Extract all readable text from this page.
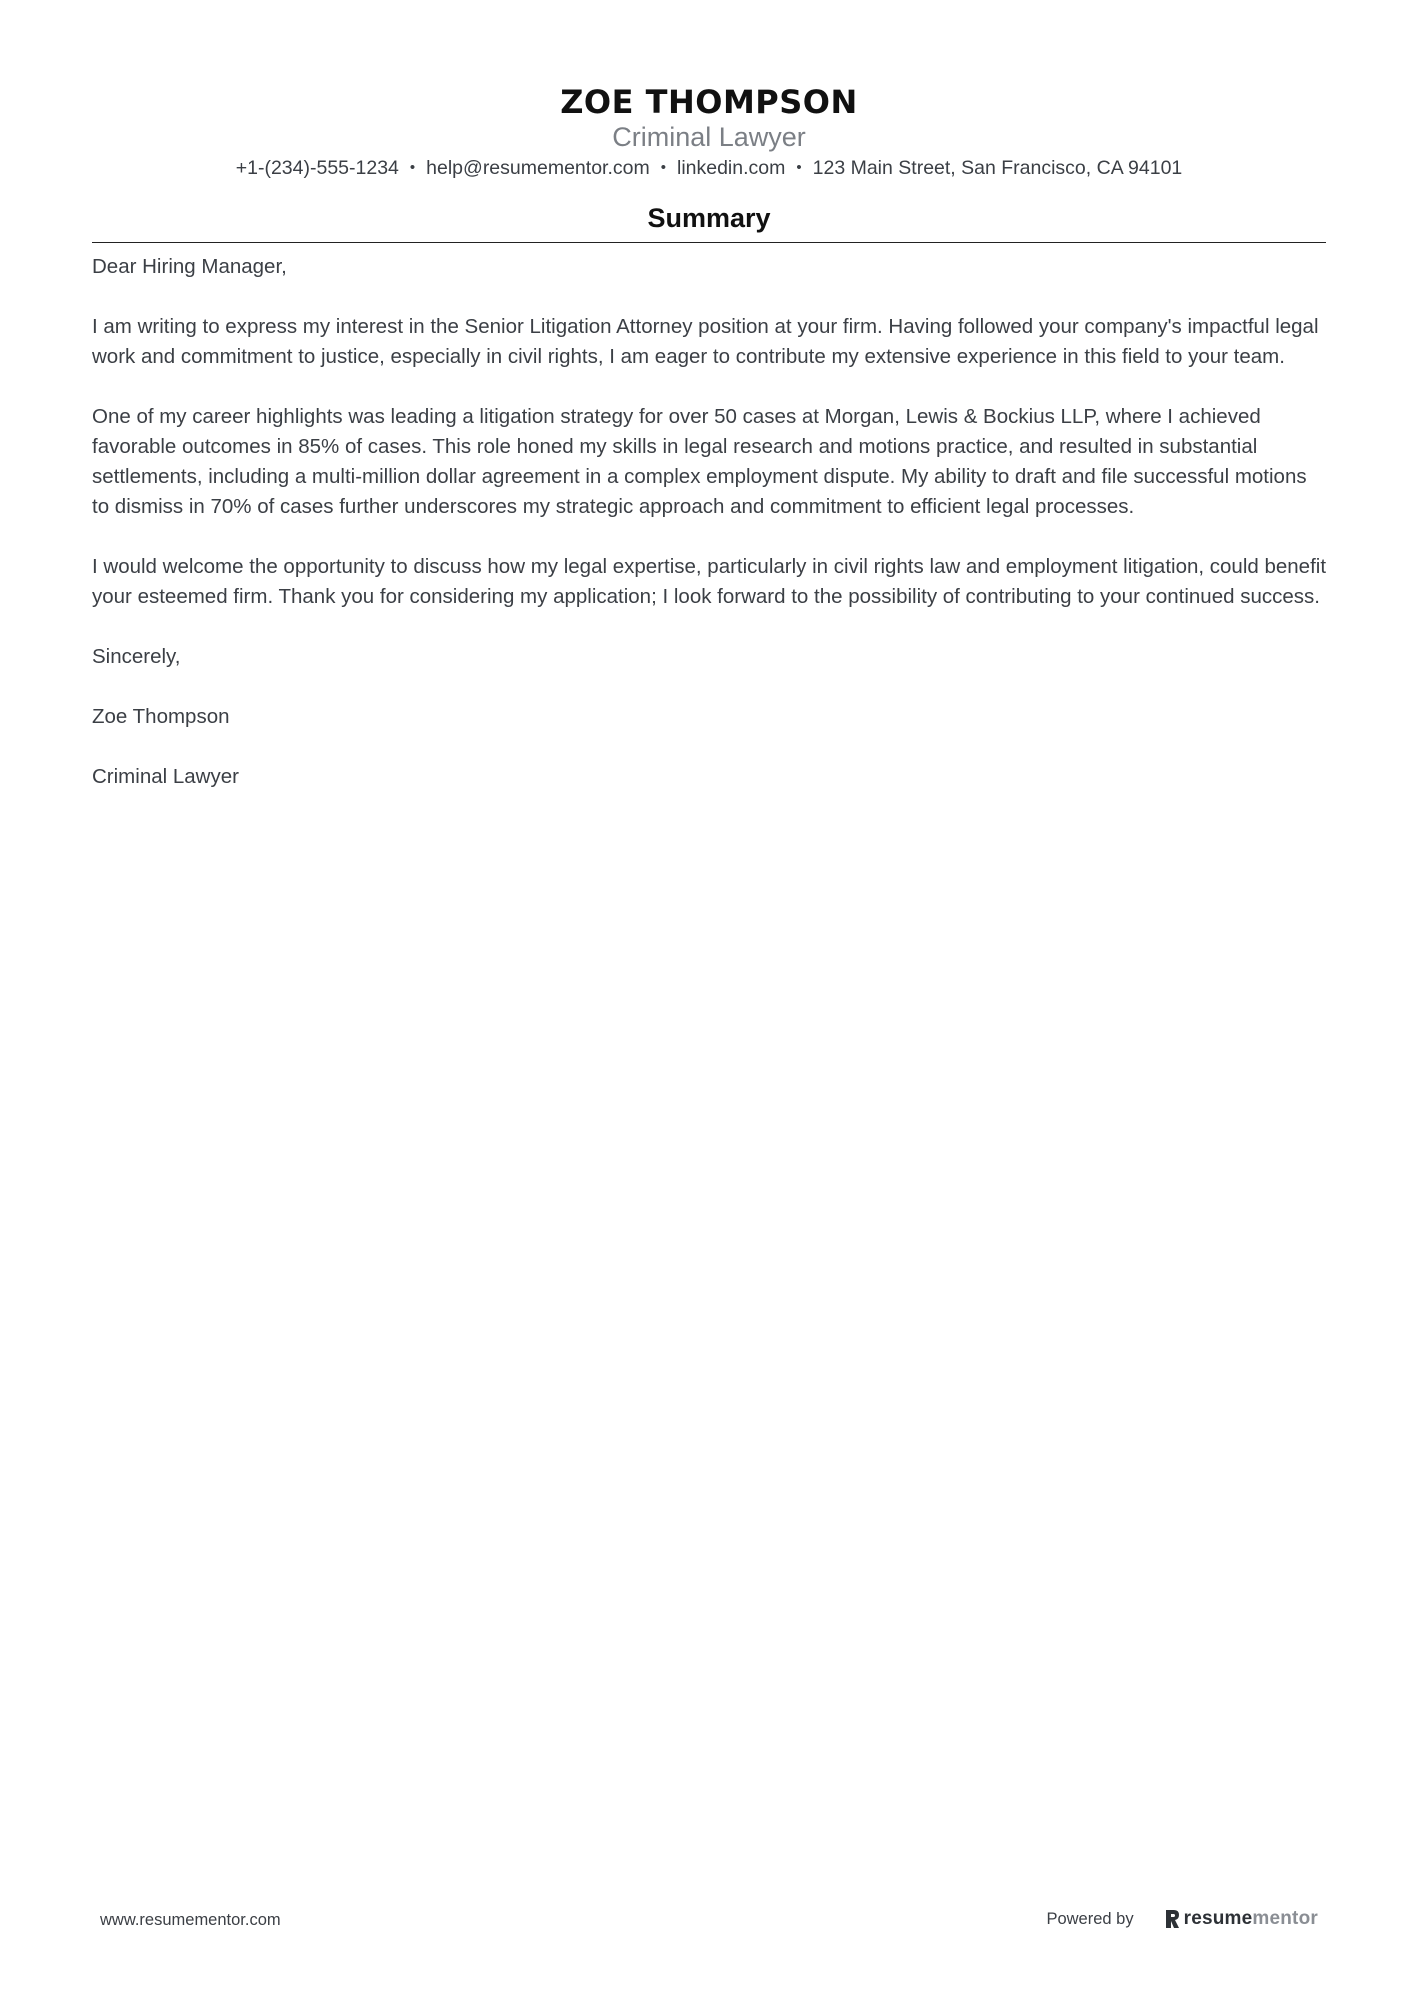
ZOE THOMPSON
Criminal Lawyer
+1-(234)-555-1234 • help@resumementor.com • linkedin.com • 123 Main Street, San Francisco, CA 94101
Summary

Dear Hiring Manager,

I am writing to express my interest in the Senior Litigation Attorney position at your firm. Having followed your company's impactful legal work and commitment to justice, especially in civil rights, I am eager to contribute my extensive experience in this field to your team.

One of my career highlights was leading a litigation strategy for over 50 cases at Morgan, Lewis & Bockius LLP, where I achieved favorable outcomes in 85% of cases. This role honed my skills in legal research and motions practice, and resulted in substantial settlements, including a multi-million dollar agreement in a complex employment dispute. My ability to draft and file successful motions to dismiss in 70% of cases further underscores my strategic approach and commitment to efficient legal processes.

I would welcome the opportunity to discuss how my legal expertise, particularly in civil rights law and employment litigation, could benefit your esteemed firm. Thank you for considering my application; I look forward to the possibility of contributing to your continued success.

Sincerely,

Zoe Thompson

Criminal Lawyer

www.resumementor.com	Powered by	resumementor
